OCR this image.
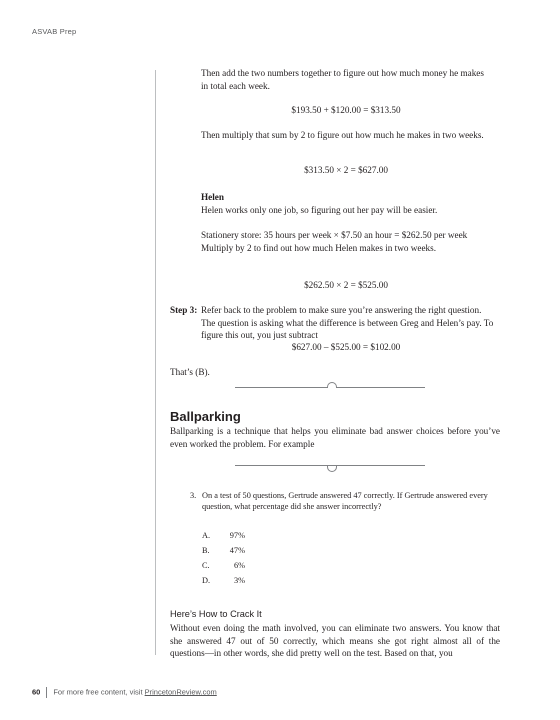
ASVAB Prep

Then add the two numbers together to figure out how much money he makes in total each week.

$193.50 + $120.00 = $313.50

Then multiply that sum by 2 to figure out how much he makes in two weeks.

$313.50 × 2 = $627.00

Helen

Helen works only one job, so figuring out her pay will be easier.

Stationery store: 35 hours per week × $7.50 an hour = $262.50 per week

Multiply by 2 to find out how much Helen makes in two weeks.

$262.50 × 2 = $525.00

Step 3: Refer back to the problem to make sure you’re answering the right question. The question is asking what the difference is between Greg and Helen’s pay. To figure this out, you just subtract

$627.00 – $525.00 = $102.00

That’s (B).

Ballparking

Ballparking is a technique that helps you eliminate bad answer choices before you’ve even worked the problem. For example

3. On a test of 50 questions, Gertrude answered 47 correctly. If Gertrude answered every question, what percentage did she answer incorrectly?

A.	97%
B.	47%
C.	6%
D.	3%
Here’s How to Crack It

Without even doing the math involved, you can eliminate two answers. You know that she answered 47 out of 50 correctly, which means she got right almost all of the questions—in other words, she did pretty well on the test. Based on that, you

60 For more free content, visit PrincetonReview.com
